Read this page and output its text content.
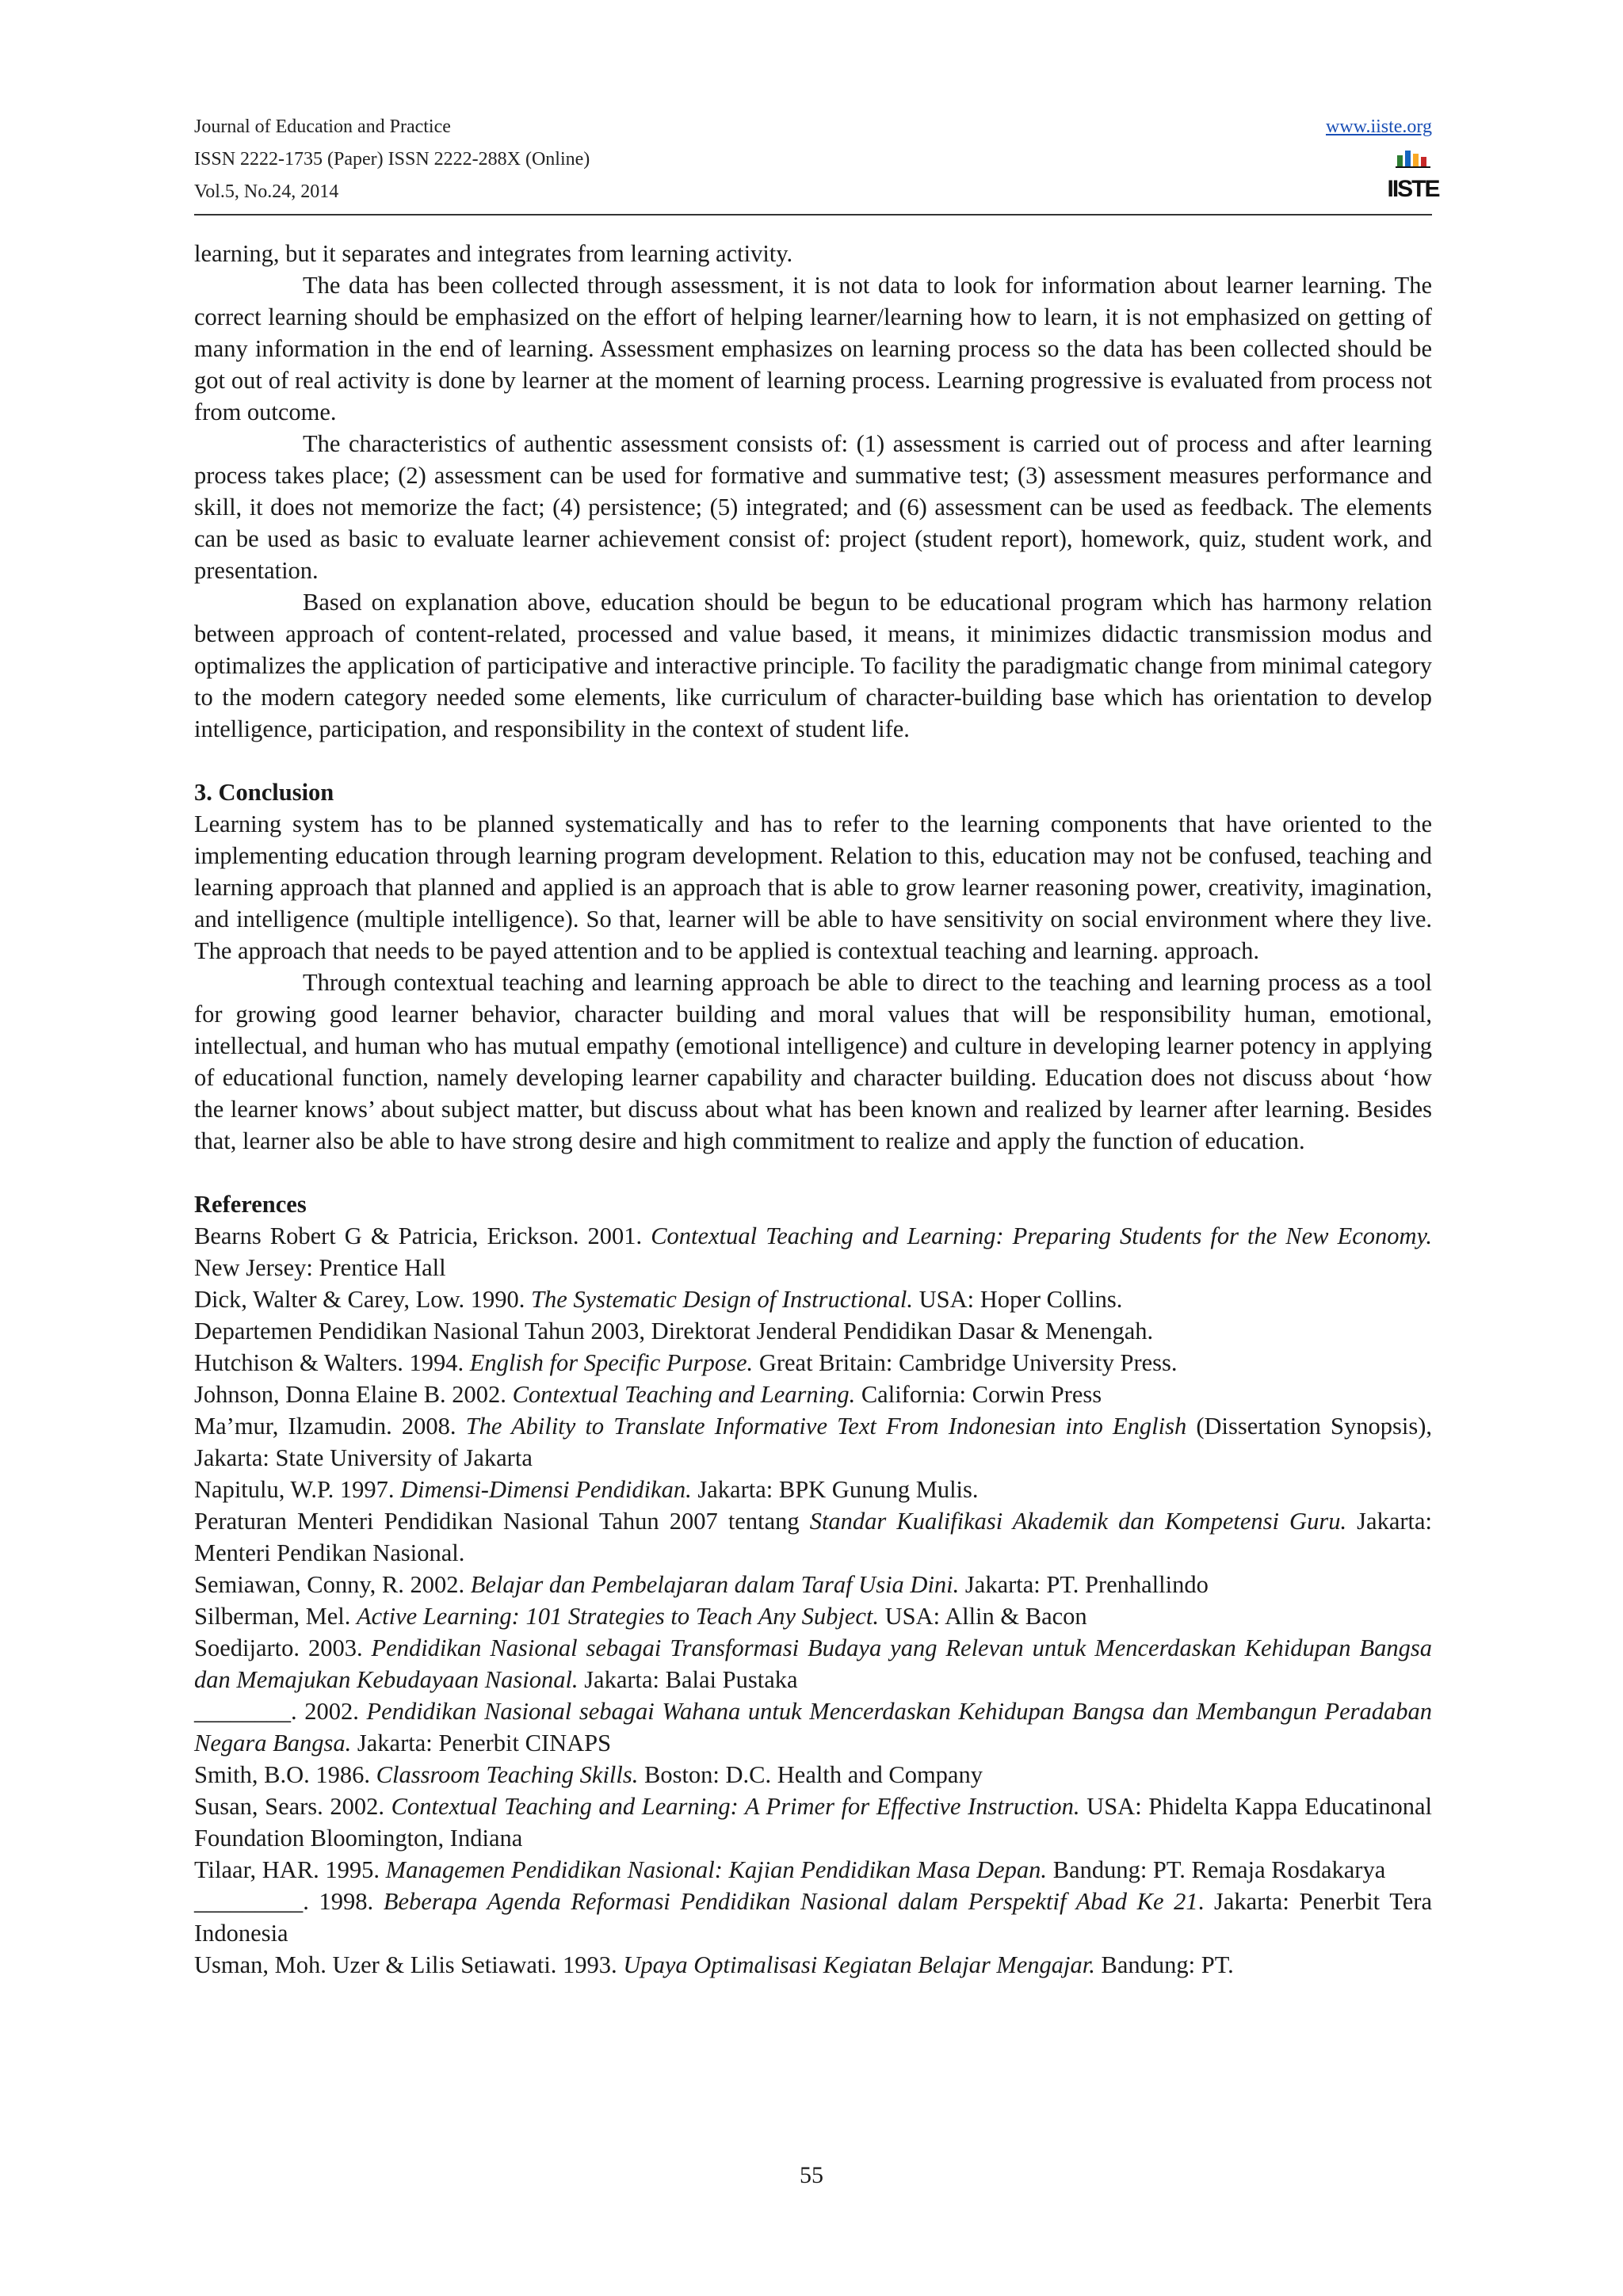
Journal of Education and Practice
ISSN 2222-1735 (Paper) ISSN 2222-288X (Online)
Vol.5, No.24, 2014
www.iiste.org
IISTE

learning, but it separates and integrates from learning activity.

The data has been collected through assessment, it is not data to look for information about learner learning. The correct learning should be emphasized on the effort of helping learner/learning how to learn, it is not emphasized on getting of many information in the end of learning. Assessment emphasizes on learning process so the data has been collected should be got out of real activity is done by learner at the moment of learning process. Learning progressive is evaluated from process not from outcome.

The characteristics of authentic assessment consists of: (1) assessment is carried out of process and after learning process takes place; (2) assessment can be used for formative and summative test; (3) assessment measures performance and skill, it does not memorize the fact; (4) persistence; (5) integrated; and (6) assessment can be used as feedback. The elements can be used as basic to evaluate learner achievement consist of: project (student report), homework, quiz, student work, and presentation.

Based on explanation above, education should be begun to be educational program which has harmony relation between approach of content-related, processed and value based, it means, it minimizes didactic transmission modus and optimalizes the application of participative and interactive principle. To facility the paradigmatic change from minimal category to the modern category needed some elements, like curriculum of character-building base which has orientation to develop intelligence, participation, and responsibility in the context of student life.

3. Conclusion

Learning system has to be planned systematically and has to refer to the learning components that have oriented to the implementing education through learning program development. Relation to this, education may not be confused, teaching and learning approach that planned and applied is an approach that is able to grow learner reasoning power, creativity, imagination, and intelligence (multiple intelligence). So that, learner will be able to have sensitivity on social environment where they live. The approach that needs to be payed attention and to be applied is contextual teaching and learning. approach.

Through contextual teaching and learning approach be able to direct to the teaching and learning process as a tool for growing good learner behavior, character building and moral values that will be responsibility human, emotional, intellectual, and human who has mutual empathy (emotional intelligence) and culture in developing learner potency in applying of educational function, namely developing learner capability and character building. Education does not discuss about ‘how the learner knows’ about subject matter, but discuss about what has been known and realized by learner after learning. Besides that, learner also be able to have strong desire and high commitment to realize and apply the function of education.

References

Bearns Robert G & Patricia, Erickson. 2001. Contextual Teaching and Learning: Preparing Students for the New Economy. New Jersey: Prentice Hall

Dick, Walter & Carey, Low. 1990. The Systematic Design of Instructional. USA: Hoper Collins.

Departemen Pendidikan Nasional Tahun 2003, Direktorat Jenderal Pendidikan Dasar & Menengah.

Hutchison & Walters. 1994. English for Specific Purpose. Great Britain: Cambridge University Press.

Johnson, Donna Elaine B. 2002. Contextual Teaching and Learning. California: Corwin Press

Ma’mur, Ilzamudin. 2008. The Ability to Translate Informative Text From Indonesian into English (Dissertation Synopsis), Jakarta: State University of Jakarta

Napitulu, W.P. 1997. Dimensi-Dimensi Pendidikan. Jakarta: BPK Gunung Mulis.

Peraturan Menteri Pendidikan Nasional Tahun 2007 tentang Standar Kualifikasi Akademik dan Kompetensi Guru. Jakarta: Menteri Pendikan Nasional.

Semiawan, Conny, R. 2002. Belajar dan Pembelajaran dalam Taraf Usia Dini. Jakarta: PT. Prenhallindo

Silberman, Mel. Active Learning: 101 Strategies to Teach Any Subject. USA: Allin & Bacon

Soedijarto. 2003. Pendidikan Nasional sebagai Transformasi Budaya yang Relevan untuk Mencerdaskan Kehidupan Bangsa dan Memajukan Kebudayaan Nasional. Jakarta: Balai Pustaka

________. 2002. Pendidikan Nasional sebagai Wahana untuk Mencerdaskan Kehidupan Bangsa dan Membangun Peradaban Negara Bangsa. Jakarta: Penerbit CINAPS

Smith, B.O. 1986. Classroom Teaching Skills. Boston: D.C. Health and Company

Susan, Sears. 2002. Contextual Teaching and Learning: A Primer for Effective Instruction. USA: Phidelta Kappa Educatinonal Foundation Bloomington, Indiana

Tilaar, HAR. 1995. Managemen Pendidikan Nasional: Kajian Pendidikan Masa Depan. Bandung: PT. Remaja Rosdakarya

_________. 1998. Beberapa Agenda Reformasi Pendidikan Nasional dalam Perspektif Abad Ke 21. Jakarta: Penerbit Tera Indonesia

Usman, Moh. Uzer & Lilis Setiawati. 1993. Upaya Optimalisasi Kegiatan Belajar Mengajar. Bandung: PT.

55
